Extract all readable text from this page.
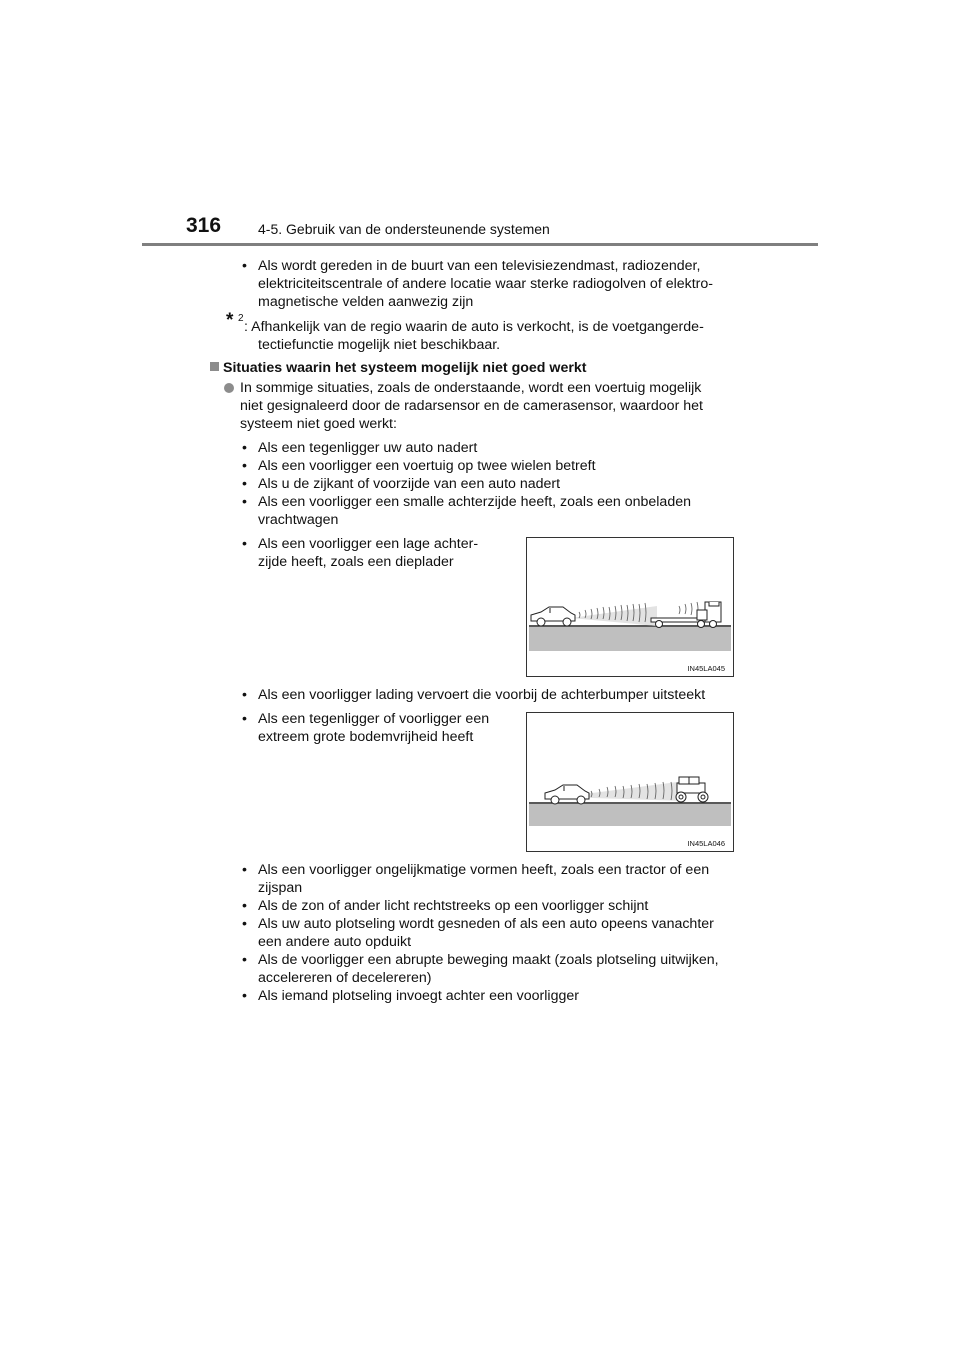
316	4-5. Gebruik van de ondersteunende systemen
• Als wordt gereden in de buurt van een televisiezendmast, radiozender,
elektriciteitscentrale of andere locatie waar sterke radiogolven of elektro-
magnetische velden aanwezig zijn
* 2
: Afhankelijk van de regio waarin de auto is verkocht, is de voetgangerde-
tectiefunctie mogelijk niet beschikbaar.
Situaties waarin het systeem mogelijk niet goed werkt
In sommige situaties, zoals de onderstaande, wordt een voertuig mogelijk
niet gesignaleerd door de radarsensor en de camerasensor, waardoor het
systeem niet goed werkt:
• Als een tegenligger uw auto nadert
• Als een voorligger een voertuig op twee wielen betreft
• Als u de zijkant of voorzijde van een auto nadert
• Als een voorligger een smalle achterzijde heeft, zoals een onbeladen
vrachtwagen
• Als een voorligger een lage achter-
zijde heeft, zoals een dieplader
IN45LA045
• Als een voorligger lading vervoert die voorbij de achterbumper uitsteekt
• Als een tegenligger of voorligger een
extreem grote bodemvrijheid heeft
IN45LA046
• Als een voorligger ongelijkmatige vormen heeft, zoals een tractor of een
zijspan
• Als de zon of ander licht rechtstreeks op een voorligger schijnt
• Als uw auto plotseling wordt gesneden of als een auto opeens vanachter
een andere auto opduikt
• Als de voorligger een abrupte beweging maakt (zoals plotseling uitwijken,
accelereren of decelereren)
• Als iemand plotseling invoegt achter een voorligger
